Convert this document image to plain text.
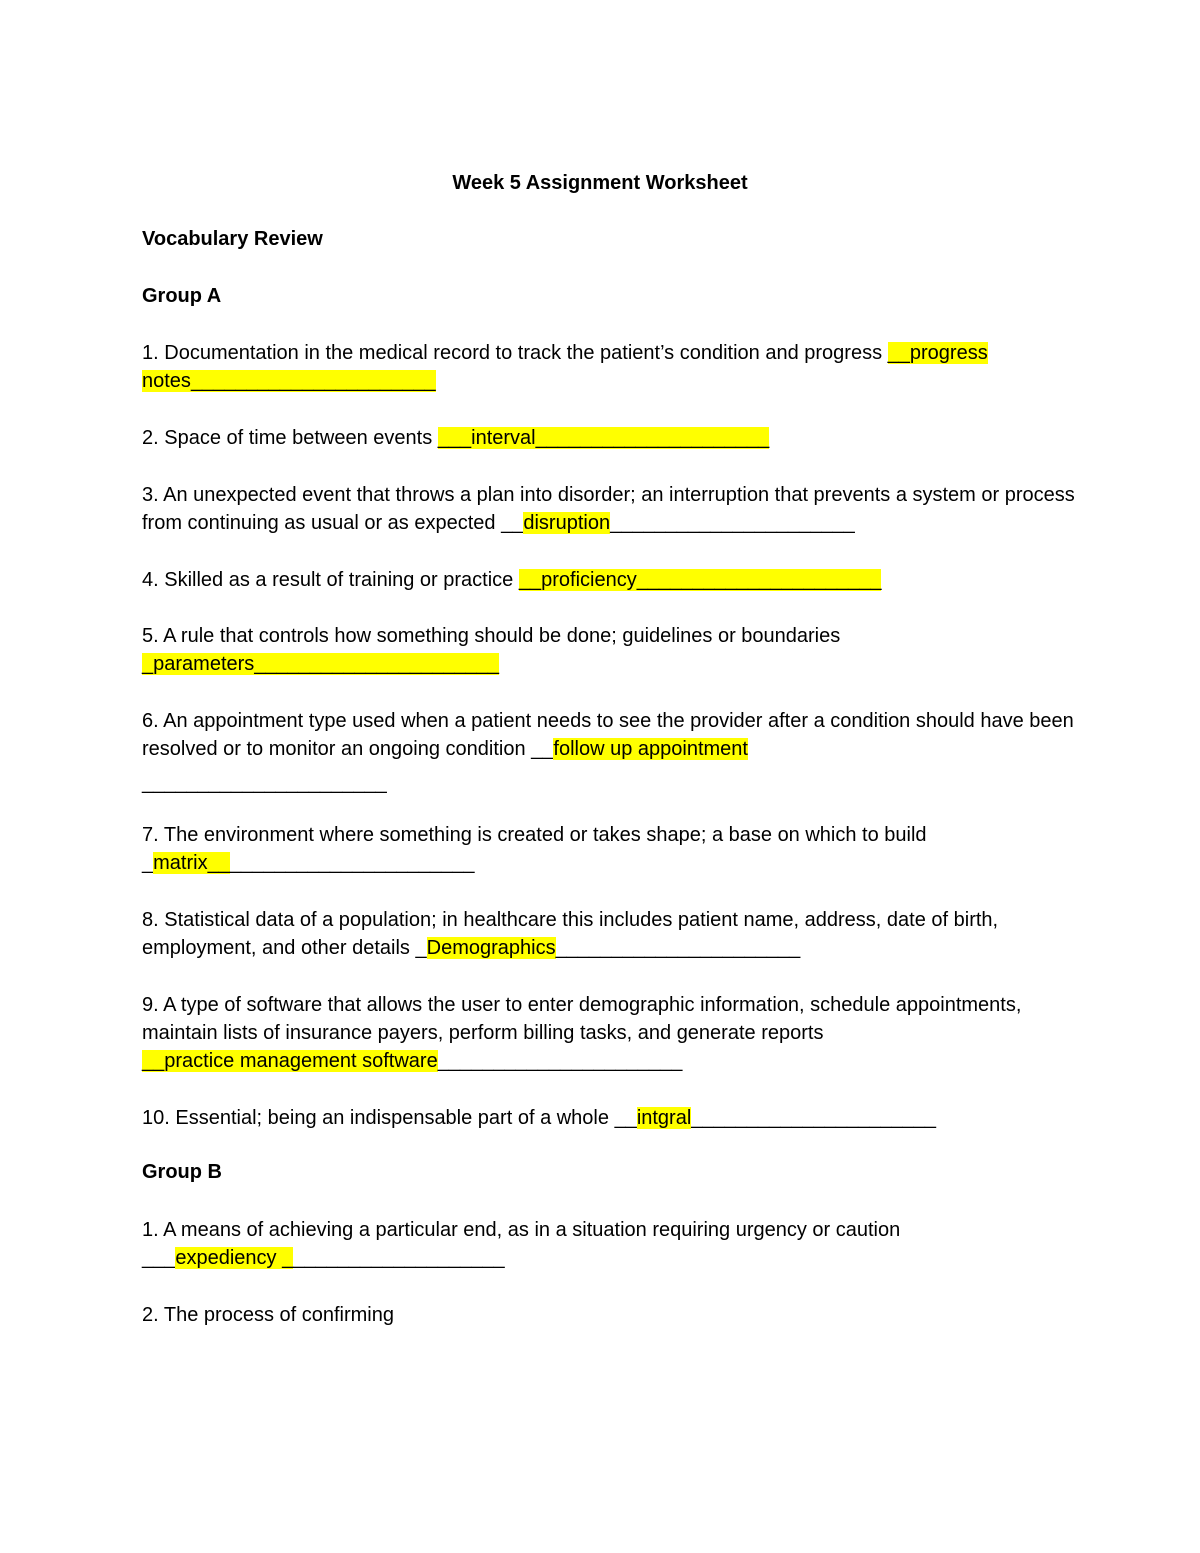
Week 5 Assignment Worksheet
Vocabulary Review
Group A
1. Documentation in the medical record to track the patient’s condition and progress __progress notes______________________
2. Space of time between events ___interval_____________________
3. An unexpected event that throws a plan into disorder; an interruption that prevents a system or process from continuing as usual or as expected __disruption______________________
4. Skilled as a result of training or practice __proficiency______________________
5. A rule that controls how something should be done; guidelines or boundaries
_parameters______________________
6. An appointment type used when a patient needs to see the provider after a condition should have been resolved or to monitor an ongoing condition __follow up appointment
______________________
7. The environment where something is created or takes shape; a base on which to build
_matrix________________________
8. Statistical data of a population; in healthcare this includes patient name, address, date of birth, employment, and other details _Demographics______________________
9. A type of software that allows the user to enter demographic information, schedule appointments, maintain lists of insurance payers, perform billing tasks, and generate reports
__practice management software______________________
10. Essential; being an indispensable part of a whole __intgral______________________
Group B
1. A means of achieving a particular end, as in a situation requiring urgency or caution
___expediency ____________________
2. The process of confirming
